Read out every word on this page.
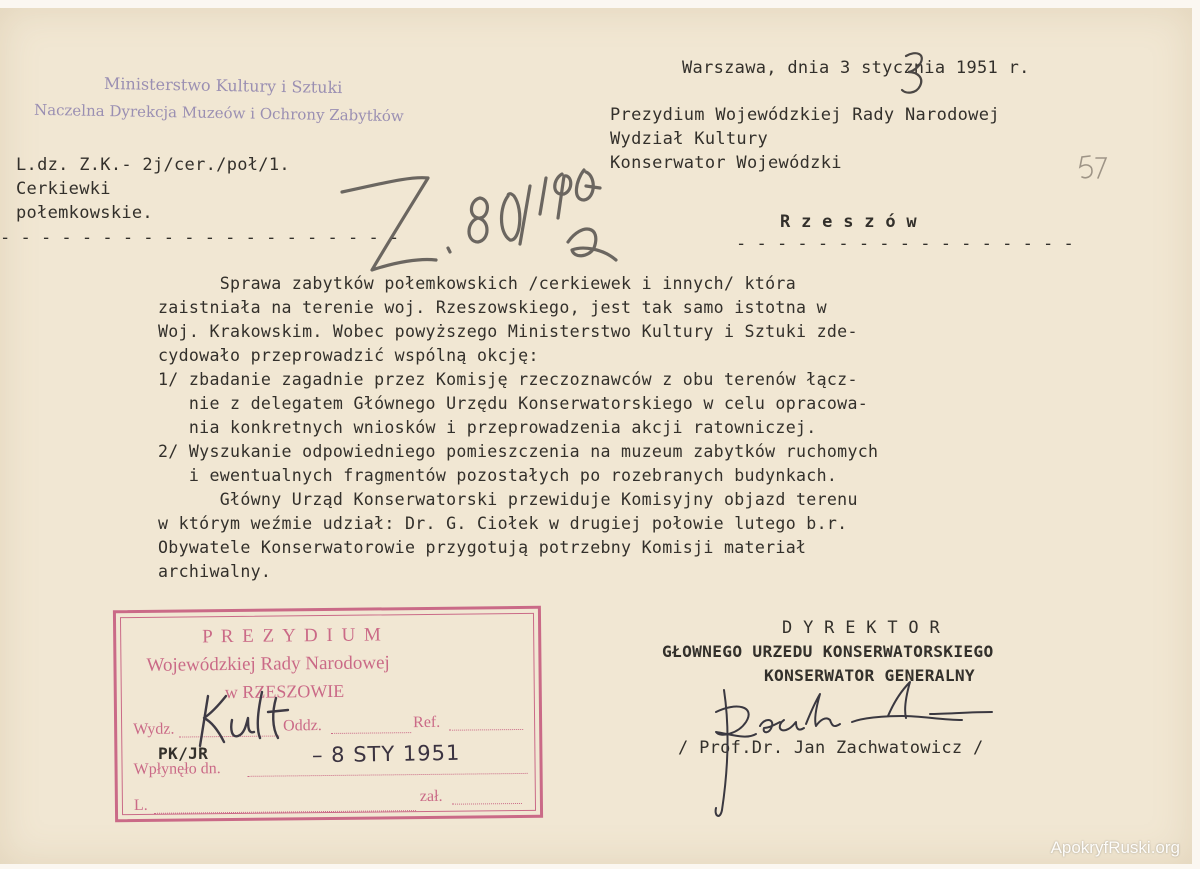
Ministerstwo Kultury i Sztuki
Naczelna Dyrekcja Muzeów i Ochrony Zabytków
Warszawa, dnia 3 stycznia 1951 r.
Prezydium Wojewódzkiej Rady Narodowej
Wydział Kultury
Konserwator Wojewódzki
R z e s z ó w
- - - - - - - - - - - - - - - - -
L.dz. Z.K.- 2j/cer./poł/1.
Cerkiewki
połemkowskie.
- - - - - - - - - - - - - - - - - - - -
Sprawa zabytków połemkowskich /cerkiewek i innych/ która
zaistniała na terenie woj. Rzeszowskiego, jest tak samo istotna w
Woj. Krakowskim. Wobec powyższego Ministerstwo Kultury i Sztuki zde-
cydowało przeprowadzić wspólną okcję:
1/ zbadanie zagadnie przez Komisję rzeczoznawców z obu terenów łącz-
nie z delegatem Głównego Urzędu Konserwatorskiego w celu opracowa-
nia konkretnych wniosków i przeprowadzenia akcji ratowniczej.
2/ Wyszukanie odpowiedniego pomieszczenia na muzeum zabytków ruchomych
i ewentualnych fragmentów pozostałych po rozebranych budynkach.
Główny Urząd Konserwatorski przewiduje Komisyjny objazd terenu
w którym weźmie udział: Dr. G. Ciołek w drugiej połowie lutego b.r.
Obywatele Konserwatorowie przygotują potrzebny Komisji materiał
archiwalny.
D Y R E K T O R
GŁOWNEGO URZEDU KONSERWATORSKIEGO
KONSERWATOR GENERALNY
/ Prof.Dr. Jan Zachwatowicz /
P R E Z Y D I U M
Wojewódzkiej Rady Narodowej
w RZESZOWIE
Wydz.	Oddz.	Ref.
Wpłynęło dn.
L.
zał.
PK/JR	– 8 STY 1951
ApokryfRuski.org
